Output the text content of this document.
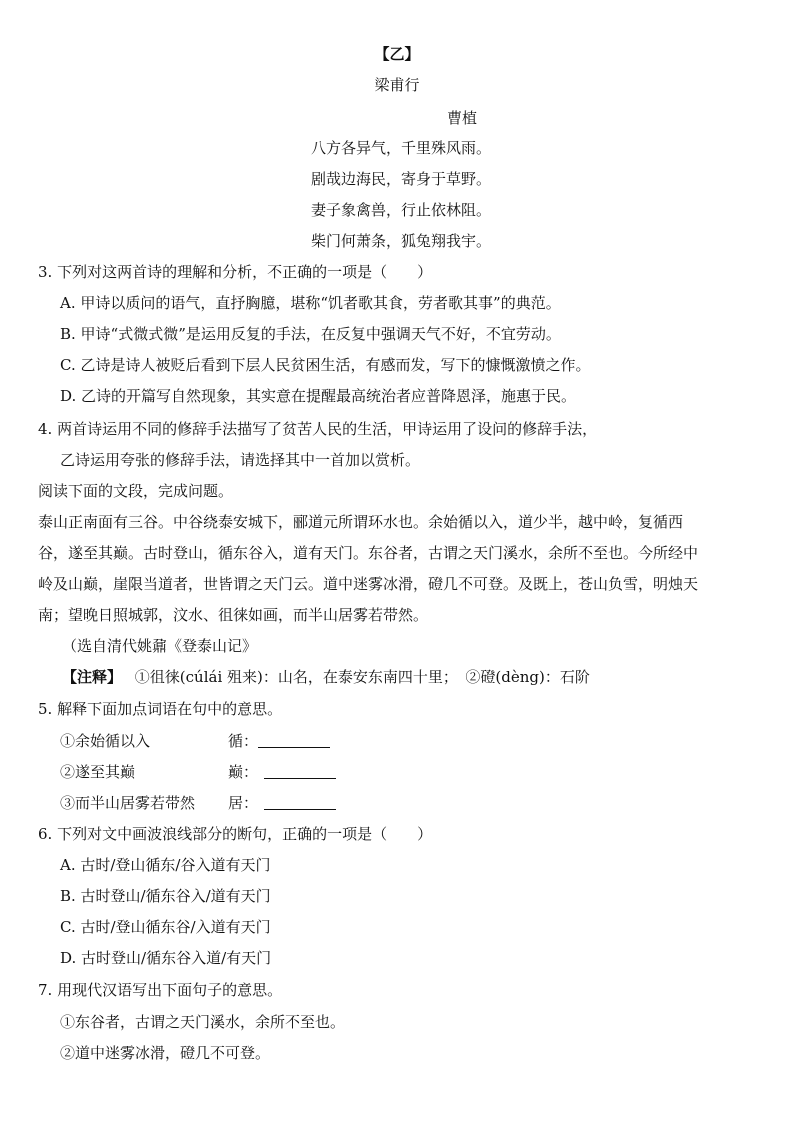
【乙】
梁甫行
曹植
八方各异气，千里殊风雨。
剧哉边海民，寄身于草野。
妻子象禽兽，行止依林阻。
柴门何萧条，狐兔翔我宇。
3. 下列对这两首诗的理解和分析，不正确的一项是（　　）
A. 甲诗以质问的语气，直抒胸臆，堪称“饥者歌其食，劳者歌其事”的典范。
B. 甲诗“式微式微”是运用反复的手法，在反复中强调天气不好，不宜劳动。
C. 乙诗是诗人被贬后看到下层人民贫困生活，有感而发，写下的慷慨激愤之作。
D. 乙诗的开篇写自然现象，其实意在提醒最高统治者应普降恩泽，施惠于民。
4. 两首诗运用不同的修辞手法描写了贫苦人民的生活，甲诗运用了设问的修辞手法，
乙诗运用夸张的修辞手法，请选择其中一首加以赏析。
阅读下面的文段，完成问题。
泰山正南面有三谷。中谷绕泰安城下，郦道元所谓环水也。余始循以入，道少半，越中岭，复循西
谷，遂至其巅。古时登山，循东谷入，道有天门。东谷者，古谓之天门溪水，余所不至也。今所经中
岭及山巅，崖限当道者，世皆谓之天门云。道中迷雾冰滑，磴几不可登。及既上，苍山负雪，明烛天
南；望晚日照城郭，汶水、徂徕如画，而半山居雾若带然。
（选自清代姚鼐《登泰山记》
【注释】 ①徂徕(cúlái 殂来)：山名，在泰安东南四十里；　②磴(dèng)：石阶
5. 解释下面加点词语在句中的意思。
①余始循以入	循：
②遂至其巅	巅：
③而半山居雾若带然 居：
6. 下列对文中画波浪线部分的断句，正确的一项是（　　）
A. 古时/登山循东/谷入道有天门
B. 古时登山/循东谷入/道有天门
C. 古时/登山循东谷/入道有天门
D. 古时登山/循东谷入道/有天门
7. 用现代汉语写出下面句子的意思。
①东谷者，古谓之天门溪水，余所不至也。
②道中迷雾冰滑，磴几不可登。
